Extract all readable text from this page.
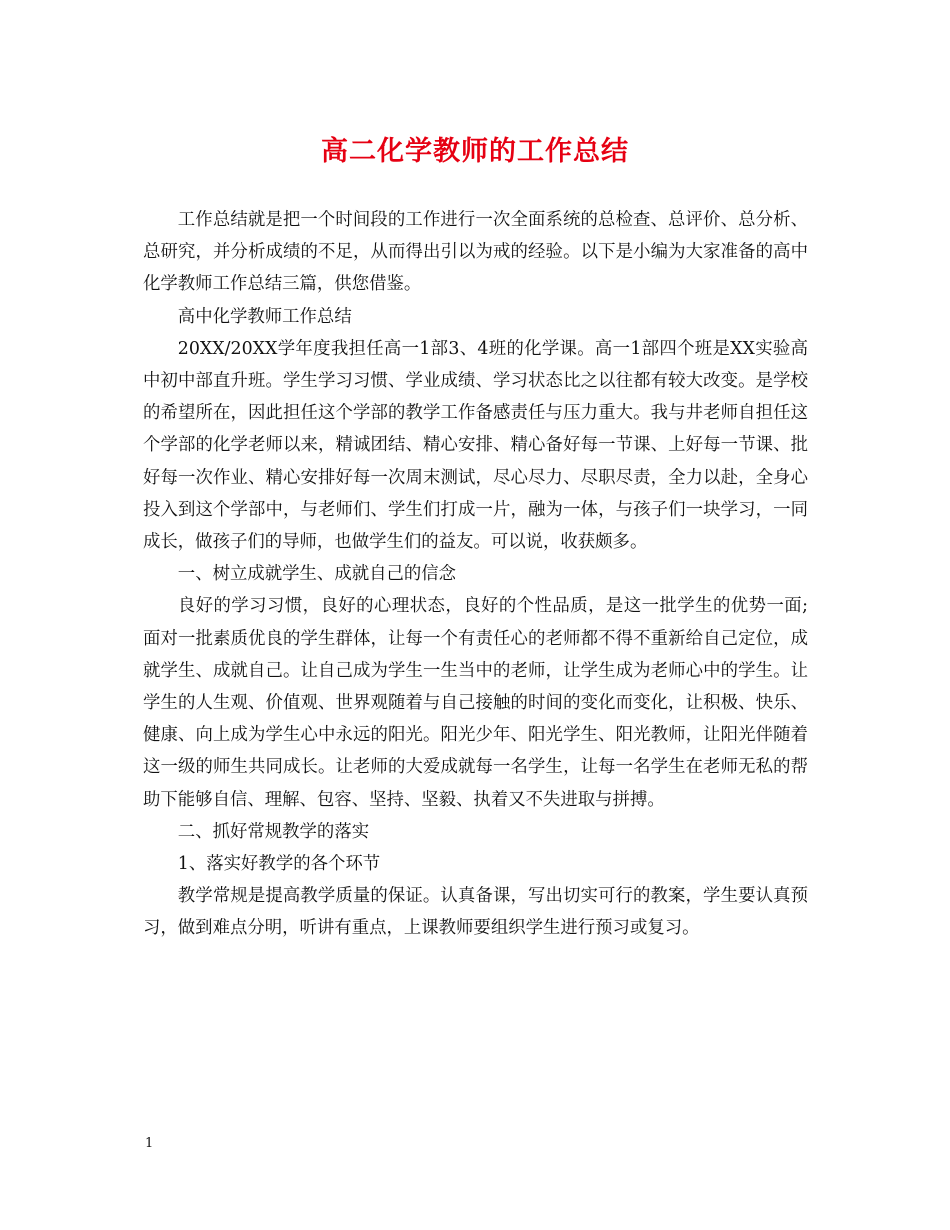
高二化学教师的工作总结

工作总结就是把一个时间段的工作进行一次全面系统的总检查、总评价、总分析、总研究，并分析成绩的不足，从而得出引以为戒的经验。以下是小编为大家准备的高中化学教师工作总结三篇，供您借鉴。

高中化学教师工作总结

20XX/20XX学年度我担任高一1部3、4班的化学课。高一1部四个班是XX实验高中初中部直升班。学生学习习惯、学业成绩、学习状态比之以往都有较大改变。是学校的希望所在，因此担任这个学部的教学工作备感责任与压力重大。我与井老师自担任这个学部的化学老师以来，精诚团结、精心安排、精心备好每一节课、上好每一节课、批好每一次作业、精心安排好每一次周末测试，尽心尽力、尽职尽责，全力以赴，全身心投入到这个学部中，与老师们、学生们打成一片，融为一体，与孩子们一块学习，一同成长，做孩子们的导师，也做学生们的益友。可以说，收获颇多。

一、树立成就学生、成就自己的信念

良好的学习习惯，良好的心理状态，良好的个性品质，是这一批学生的优势一面;面对一批素质优良的学生群体，让每一个有责任心的老师都不得不重新给自己定位，成就学生、成就自己。让自己成为学生一生当中的老师，让学生成为老师心中的学生。让学生的人生观、价值观、世界观随着与自己接触的时间的变化而变化，让积极、快乐、健康、向上成为学生心中永远的阳光。阳光少年、阳光学生、阳光教师，让阳光伴随着这一级的师生共同成长。让老师的大爱成就每一名学生，让每一名学生在老师无私的帮助下能够自信、理解、包容、坚持、坚毅、执着又不失进取与拼搏。

二、抓好常规教学的落实

1、落实好教学的各个环节

教学常规是提高教学质量的保证。认真备课，写出切实可行的教案，学生要认真预习，做到难点分明，听讲有重点，上课教师要组织学生进行预习或复习。

1
